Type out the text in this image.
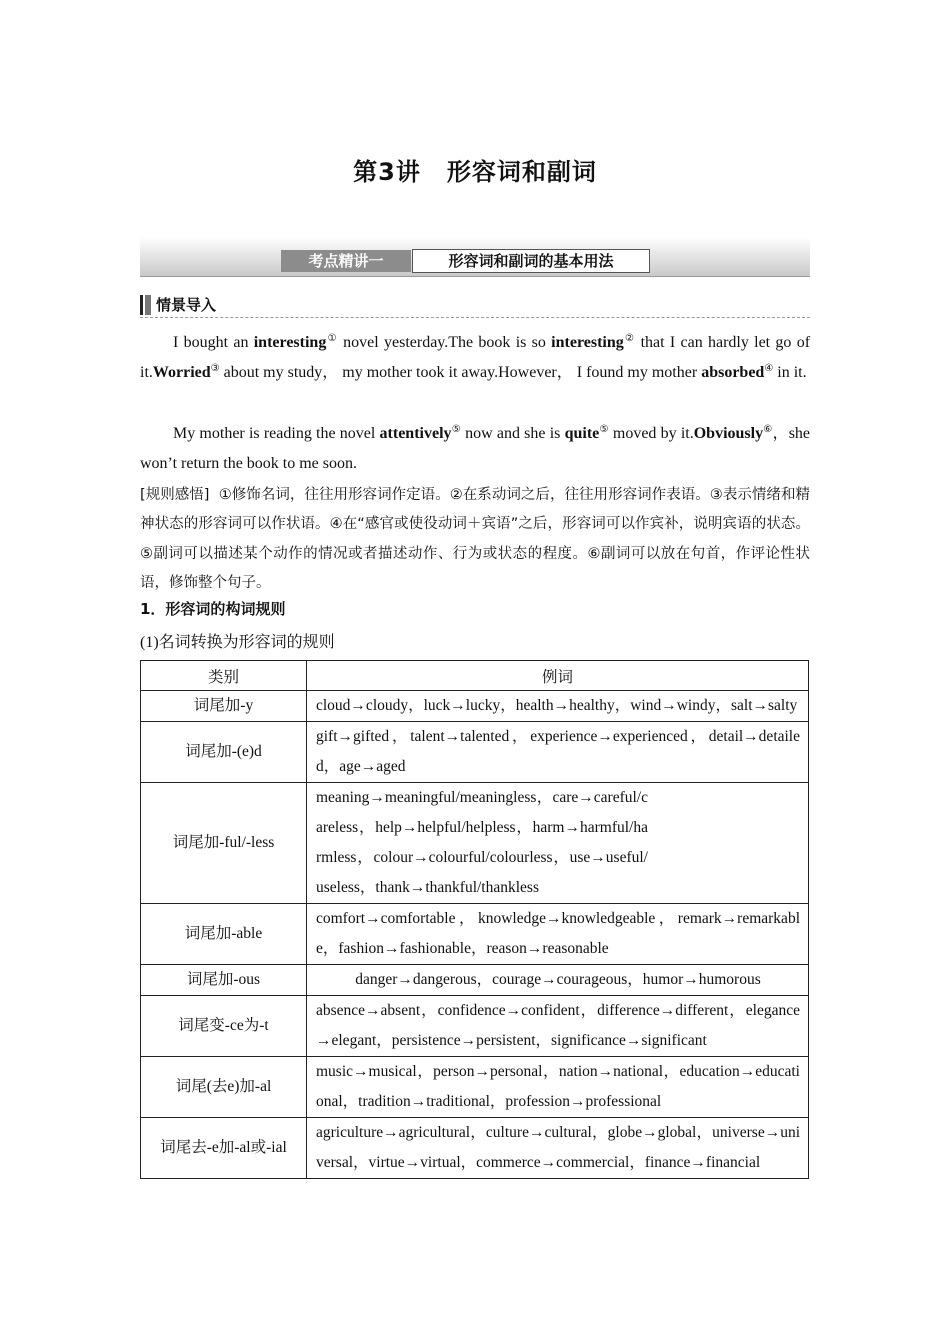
第3讲 形容词和副词
考点精讲一	形容词和副词的基本用法
情景导入
I bought an interesting① novel yesterday.The book is so interesting② that I can hardly let go of it.Worried③ about my study， my mother took it away.However， I found my mother absorbed④ in it.
My mother is reading the novel attentively⑤ now and she is quite⑤ moved by it.Obviously⑥，she won’t return the book to me soon.
[规则感悟] ①修饰名词，往往用形容词作定语。②在系动词之后，往往用形容词作表语。③表示情绪和精神状态的形容词可以作状语。④在“感官或使役动词＋宾语”之后，形容词可以作宾补，说明宾语的状态。⑤副词可以描述某个动作的情况或者描述动作、行为或状态的程度。⑥副词可以放在句首，作评论性状语，修饰整个句子。
1．形容词的构词规则
(1)名词转换为形容词的规则
类别	例词
词尾加-y	cloud→cloudy，luck→lucky，health→healthy，wind→windy，salt→salty
词尾加-(e)d	gift→gifted，talent→talented，experience→experienced，detail→detailed，age→aged
词尾加-ful/-less	meaning→meaningful/meaningless，care→careful/careless，help→helpful/helpless，harm→harmful/harmless，colour→colourful/colourless，use→useful/useless，thank→thankful/thankless
词尾加-able	comfort→comfortable，knowledge→knowledgeable，remark→remarkable，fashion→fashionable，reason→reasonable
词尾加-ous	danger→dangerous，courage→courageous，humor→humorous
词尾变-ce为-t	absence→absent，confidence→confident，difference→different，elegance→elegant，persistence→persistent，significance→significant
词尾(去e)加-al	music→musical，person→personal，nation→national，education→educational，tradition→traditional，profession→professional
词尾去-e加-al或-ial	agriculture→agricultural，culture→cultural，globe→global，universe→universal，virtue→virtual，commerce→commercial，finance→financial
